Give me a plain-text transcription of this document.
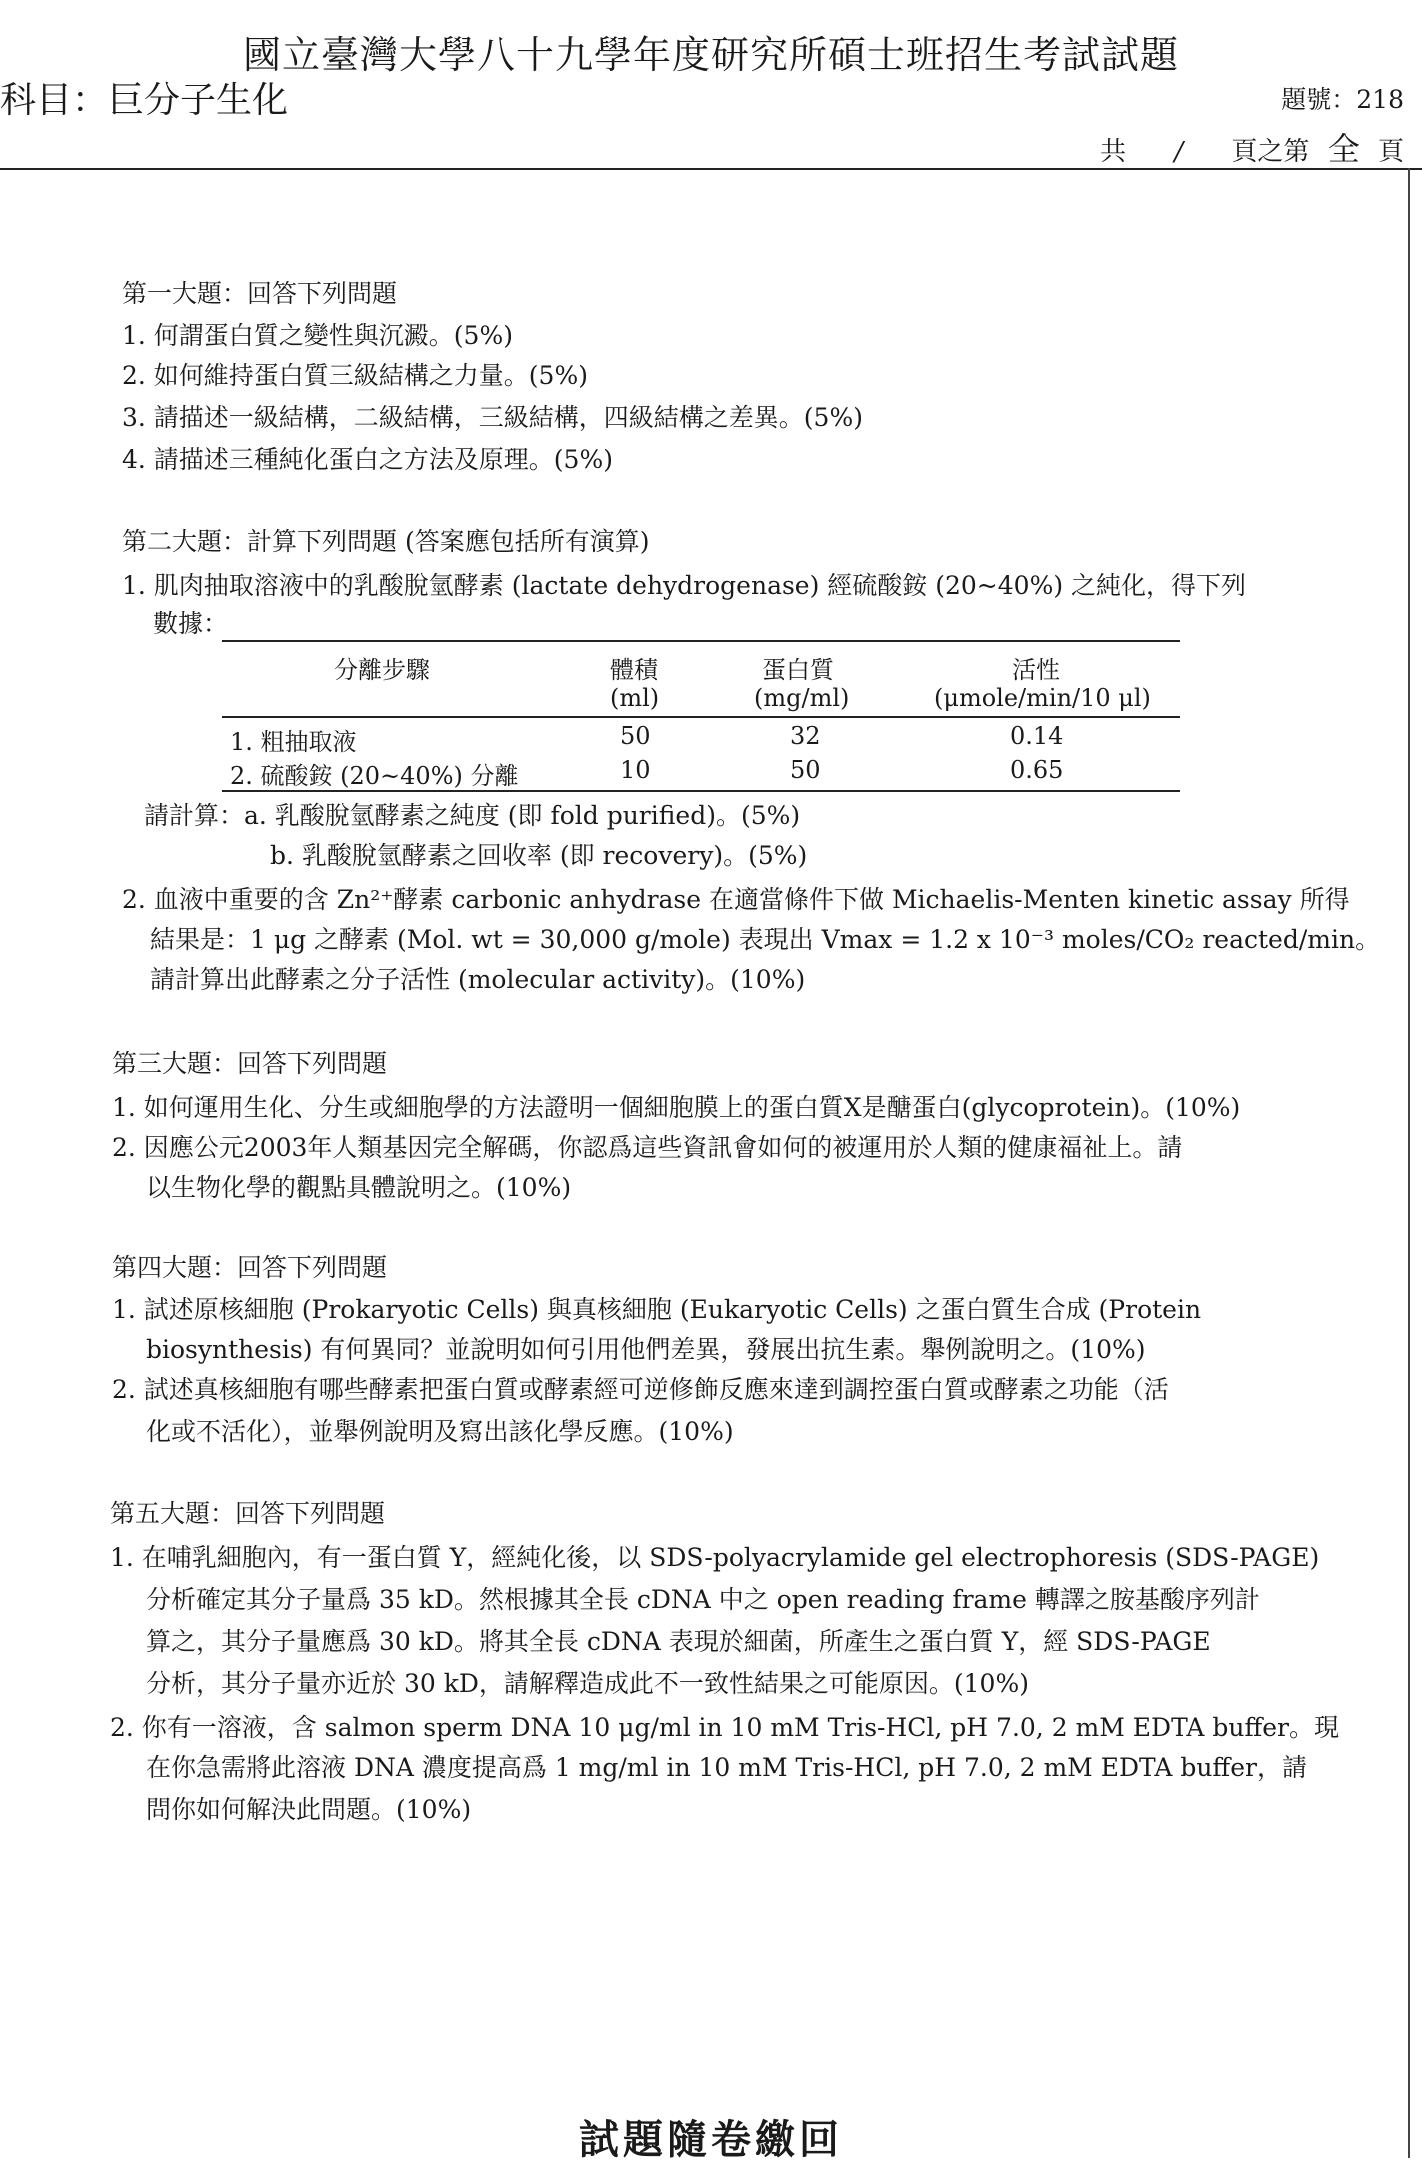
國立臺灣大學八十九學年度研究所碩士班招生考試試題
科目：巨分子生化	題號：218
共 / 頁之第 全 頁
第一大題：回答下列問題
1. 何謂蛋白質之變性與沉澱。(5%)
2. 如何維持蛋白質三級結構之力量。(5%)
3. 請描述一級結構，二級結構，三級結構，四級結構之差異。(5%)
4. 請描述三種純化蛋白之方法及原理。(5%)
第二大題：計算下列問題 (答案應包括所有演算)
1. 肌肉抽取溶液中的乳酸脫氫酵素 (lactate dehydrogenase) 經硫酸銨 (20~40%) 之純化，得下列
數據：
分離步驟	體積	蛋白質	活性
(ml)	(mg/ml)	(μmole/min/10 μl)
1. 粗抽取液	50	32	0.14
2. 硫酸銨 (20~40%) 分離	10	50	0.65
請計算：a. 乳酸脫氫酵素之純度 (即 fold purified)。(5%)
b. 乳酸脫氫酵素之回收率 (即 recovery)。(5%)
2. 血液中重要的含 Zn²⁺酵素 carbonic anhydrase 在適當條件下做 Michaelis-Menten kinetic assay 所得
結果是：1 μg 之酵素 (Mol. wt = 30,000 g/mole) 表現出 Vmax = 1.2 x 10⁻³ moles/CO₂ reacted/min。
請計算出此酵素之分子活性 (molecular activity)。(10%)
第三大題：回答下列問題
1. 如何運用生化、分生或細胞學的方法證明一個細胞膜上的蛋白質X是醣蛋白(glycoprotein)。(10%)
2. 因應公元2003年人類基因完全解碼，你認爲這些資訊會如何的被運用於人類的健康福祉上。請
以生物化學的觀點具體說明之。(10%)
第四大題：回答下列問題
1. 試述原核細胞 (Prokaryotic Cells) 與真核細胞 (Eukaryotic Cells) 之蛋白質生合成 (Protein
biosynthesis) 有何異同？並說明如何引用他們差異，發展出抗生素。舉例說明之。(10%)
2. 試述真核細胞有哪些酵素把蛋白質或酵素經可逆修飾反應來達到調控蛋白質或酵素之功能（活
化或不活化），並舉例說明及寫出該化學反應。(10%)
第五大題：回答下列問題
1. 在哺乳細胞內，有一蛋白質 Y，經純化後，以 SDS-polyacrylamide gel electrophoresis (SDS-PAGE)
分析確定其分子量爲 35 kD。然根據其全長 cDNA 中之 open reading frame 轉譯之胺基酸序列計
算之，其分子量應爲 30 kD。將其全長 cDNA 表現於細菌，所產生之蛋白質 Y，經 SDS-PAGE
分析，其分子量亦近於 30 kD，請解釋造成此不一致性結果之可能原因。(10%)
2. 你有一溶液，含 salmon sperm DNA 10 μg/ml in 10 mM Tris-HCl, pH 7.0, 2 mM EDTA buffer。現
在你急需將此溶液 DNA 濃度提高爲 1 mg/ml in 10 mM Tris-HCl, pH 7.0, 2 mM EDTA buffer，請
問你如何解決此問題。(10%)
試題隨卷繳回
